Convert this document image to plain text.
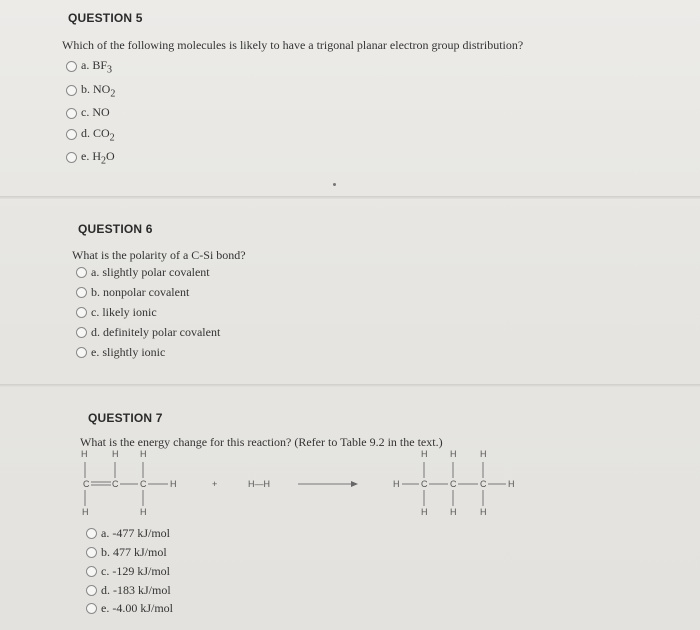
QUESTION 5
Which of the following molecules is likely to have a trigonal planar electron group distribution?
a. $BF_3$
b. $NO_2$
c. NO
d. $CO_2$
e. $H_2O$
QUESTION 6
What is the polarity of a C-Si bond?
a. slightly polar covalent
b. nonpolar covalent
c. likely ionic
d. definitely polar covalent
e. slightly ionic
QUESTION 7
What is the energy change for this reaction? (Refer to Table 9.2 in the text.)
H	H H
C	C C	H
H	H
+	H—H
H	H	H
H C	C	C H
H	H	H
a. -477 kJ/mol
b. 477 kJ/mol
c. -129 kJ/mol
d. -183 kJ/mol
e. -4.00 kJ/mol
